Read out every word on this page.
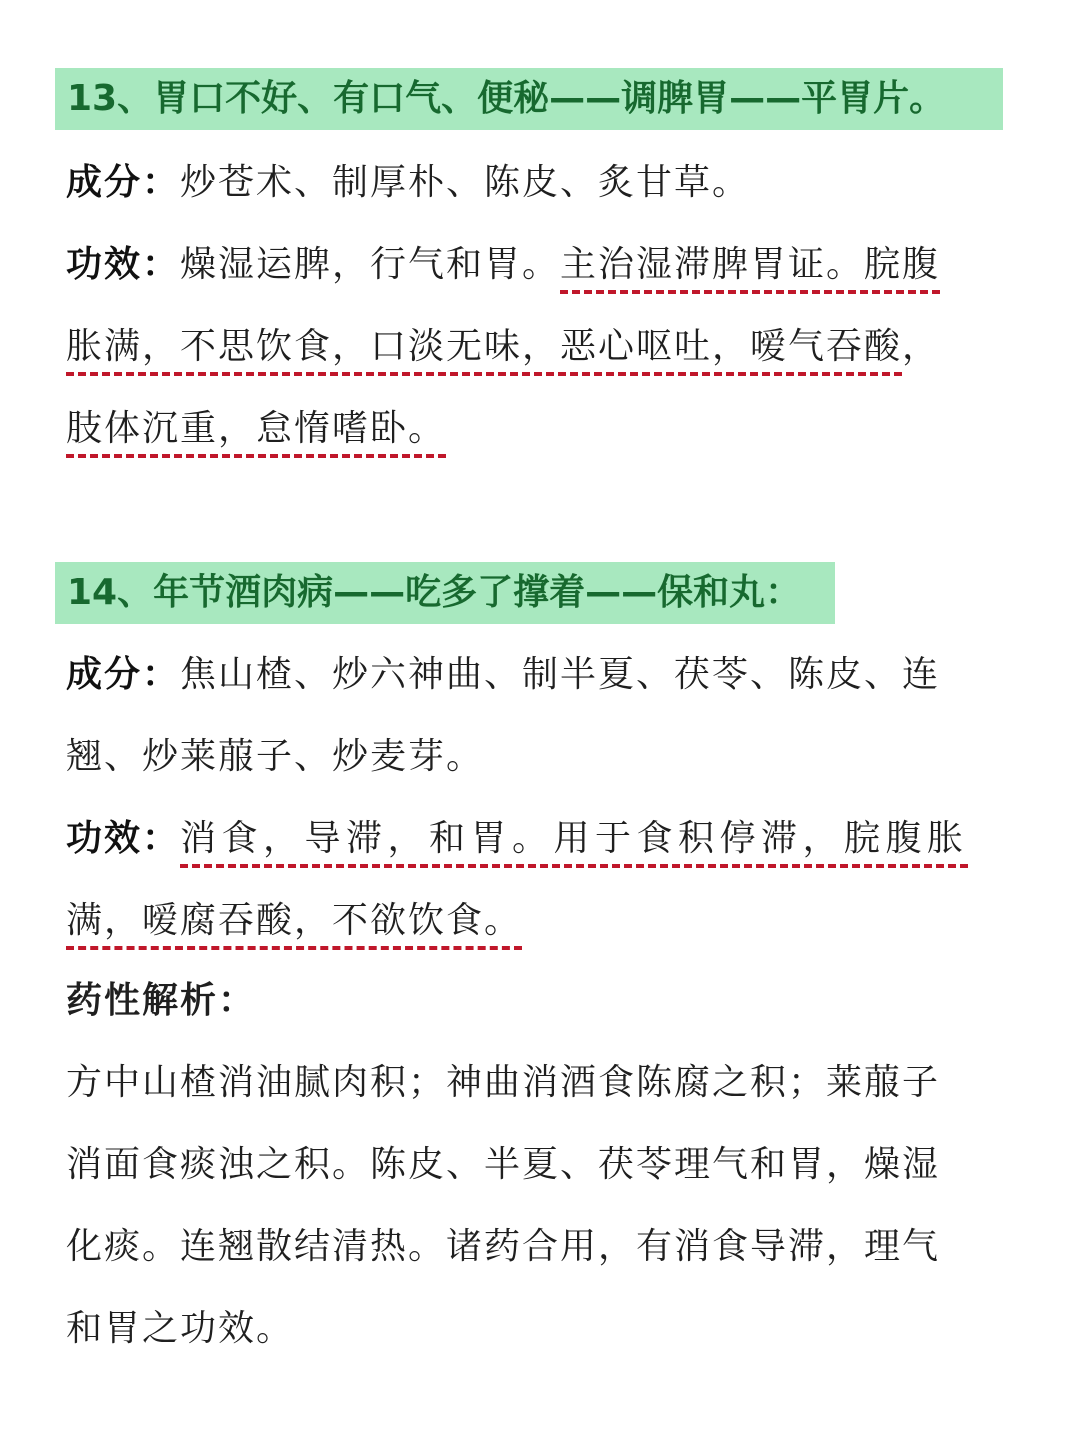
13、胃口不好、有口气、便秘——调脾胃——平胃片。
成分：炒苍术、制厚朴、陈皮、炙甘草。
功效：燥湿运脾，行气和胃。主治湿滞脾胃证。脘腹
胀满，不思饮食，口淡无味，恶心呕吐，嗳气吞酸，
肢体沉重，怠惰嗜卧。
14、年节酒肉病——吃多了撑着——保和丸：
成分：焦山楂、炒六神曲、制半夏、茯苓、陈皮、连
翘、炒莱菔子、炒麦芽。
功效：消食，导滞，和胃。用于食积停滞，脘腹胀
满，嗳腐吞酸，不欲饮食。
药性解析：
方中山楂消油腻肉积；神曲消酒食陈腐之积；莱菔子
消面食痰浊之积。陈皮、半夏、茯苓理气和胃，燥湿
化痰。连翘散结清热。诸药合用，有消食导滞，理气
和胃之功效。
